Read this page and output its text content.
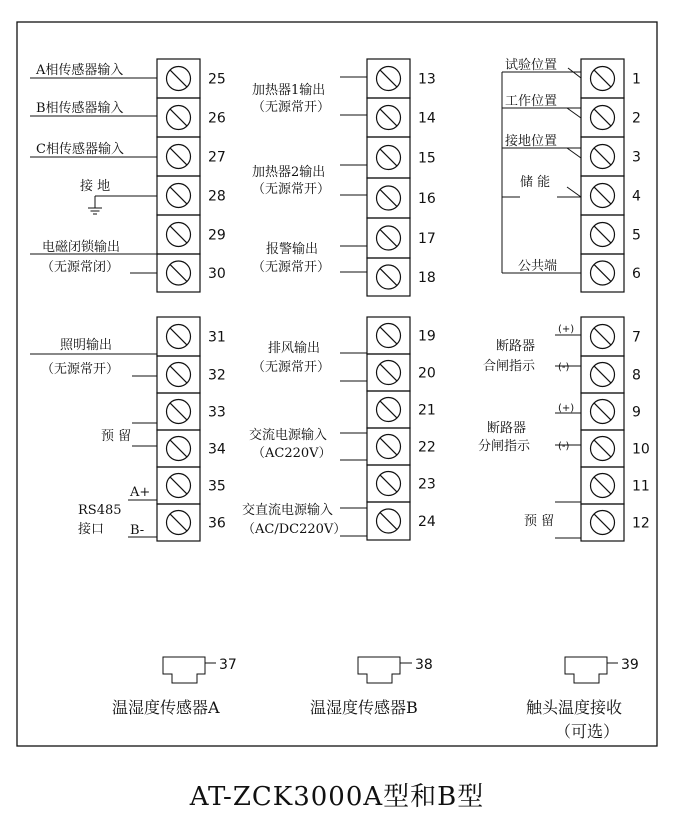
25
26
27
28
29
30
31
32
33
34
35
36
13
14
15
16
17
18
19
20
21
22
23
24
1
2
3
4
5
6
7
8
9
10
11
12
A相传感器输入
B相传感器输入
C相传感器输入
接 地
电磁闭锁输出
（无源常闭）
照明输出
（无源常开）
预 留
A+
B-
RS485
接口
加热器1输出
（无源常开）
加热器2输出
（无源常开）
报警输出
（无源常开）
排风输出
（无源常开）
交流电源输入
（AC220V）
交直流电源输入
（AC/DC220V）
试验位置
工作位置
接地位置
储 能
公共端
(+)
(-)
断路器
合闸指示
(+)
(-)
断路器
分闸指示
预 留
37
温湿度传感器A
38
温湿度传感器B
39
触头温度接收
（可选）
AT-ZCK3000A型和B型
